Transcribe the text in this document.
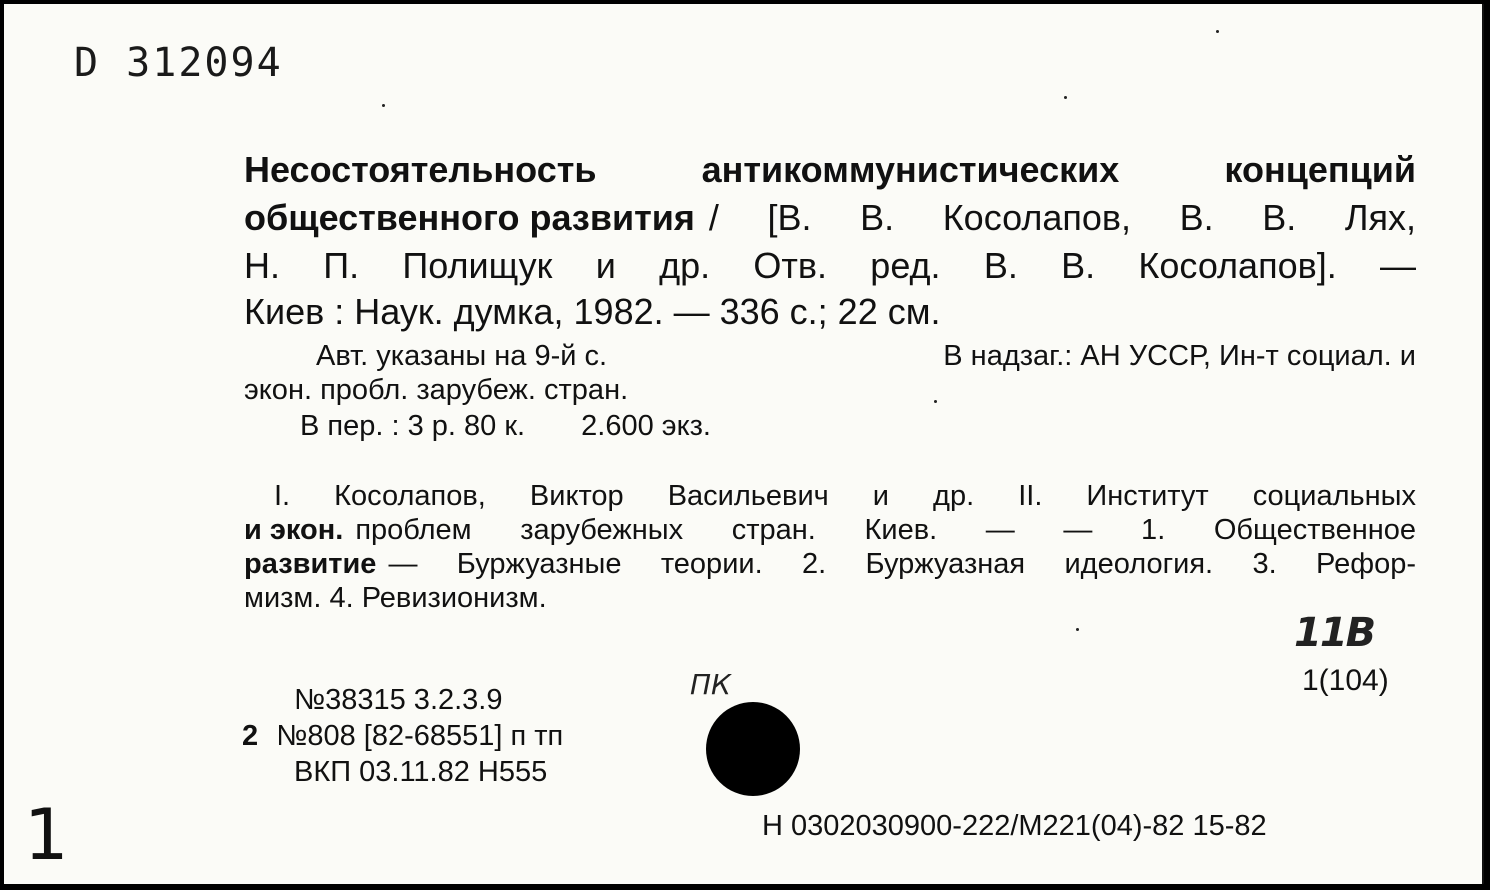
D 312094
Несостоятельность антикоммунистических концепций
общественного развития / [В. В. Косолапов, В. В. Лях,
Н. П. Полищук и др. Отв. ред. В. В. Косолапов]. —
Киев : Наук. думка, 1982. — 336 с.; 22 см.
Авт. указаны на 9-й с.	В надзаг.: АН УССР, Ин-т социал. и
экон. пробл. зарубеж. стран.
В пер. : 3 р. 80 к. 2.600 экз.
I. Косолапов, Виктор Васильевич и др. II. Институт социальных
и экон. проблем зарубежных стран. Киев. — — 1. Общественное
развитие — Буржуазные теории. 2. Буржуазная идеология. 3. Рефор-
мизм. 4. Ревизионизм.
11В
1(104)
№38315 3.2.3.9
2 №808 [82-68551] п тп
ВКП 03.11.82 Н555
ПК
Н 0302030900-222/М221(04)-82 15-82
1
